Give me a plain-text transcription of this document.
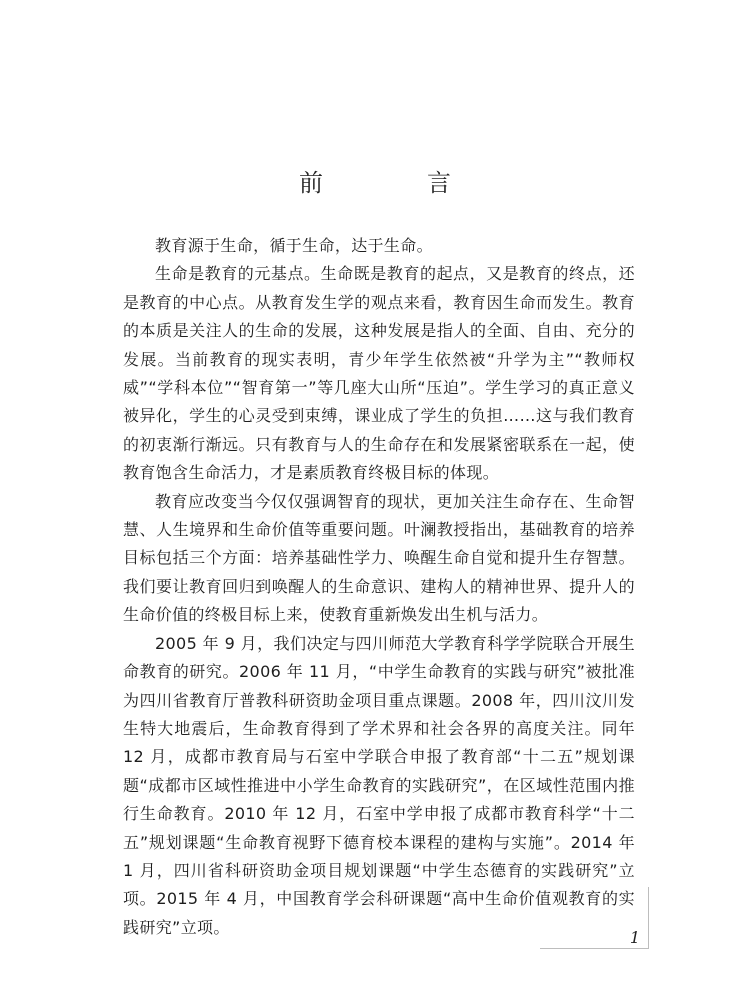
前　言

教育源于生命，循于生命，达于生命。

生命是教育的元基点。生命既是教育的起点，又是教育的终点，还是教育的中心点。从教育发生学的观点来看，教育因生命而发生。教育的本质是关注人的生命的发展，这种发展是指人的全面、自由、充分的发展。当前教育的现实表明，青少年学生依然被“升学为主”“教师权威”“学科本位”“智育第一”等几座大山所“压迫”。学生学习的真正意义被异化，学生的心灵受到束缚，课业成了学生的负担……这与我们教育的初衷渐行渐远。只有教育与人的生命存在和发展紧密联系在一起，使教育饱含生命活力，才是素质教育终极目标的体现。

教育应改变当今仅仅强调智育的现状，更加关注生命存在、生命智慧、人生境界和生命价值等重要问题。叶澜教授指出，基础教育的培养目标包括三个方面：培养基础性学力、唤醒生命自觉和提升生存智慧。我们要让教育回归到唤醒人的生命意识、建构人的精神世界、提升人的生命价值的终极目标上来，使教育重新焕发出生机与活力。

2005 年 9 月，我们决定与四川师范大学教育科学学院联合开展生命教育的研究。2006 年 11 月，“中学生命教育的实践与研究”被批准为四川省教育厅普教科研资助金项目重点课题。2008 年，四川汶川发生特大地震后，生命教育得到了学术界和社会各界的高度关注。同年 12 月，成都市教育局与石室中学联合申报了教育部“十二五”规划课题“成都市区域性推进中小学生命教育的实践研究”，在区域性范围内推行生命教育。2010 年 12 月，石室中学申报了成都市教育科学“十二五”规划课题“生命教育视野下德育校本课程的建构与实施”。2014 年 1 月，四川省科研资助金项目规划课题“中学生态德育的实践研究”立项。2015 年 4 月，中国教育学会科研课题“高中生命价值观教育的实践研究”立项。

1
